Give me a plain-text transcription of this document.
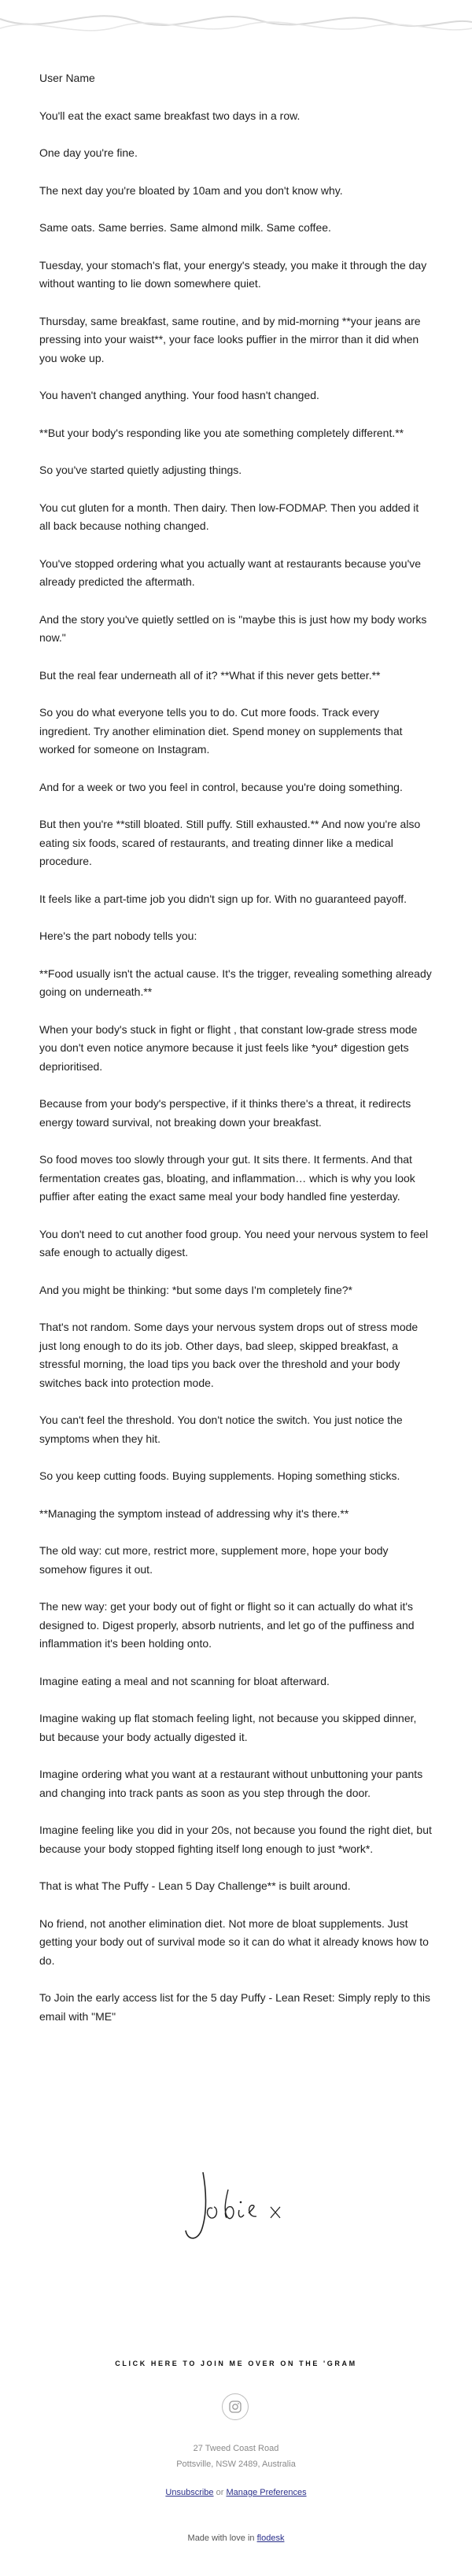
User Name

You'll eat the exact same breakfast two days in a row.

One day you're fine.

The next day you're bloated by 10am and you don't know why.

Same oats. Same berries. Same almond milk. Same coffee.

Tuesday, your stomach's flat, your energy's steady, you make it through the day without wanting to lie down somewhere quiet.

Thursday, same breakfast, same routine, and by mid-morning **your jeans are pressing into your waist**, your face looks puffier in the mirror than it did when you woke up.

You haven't changed anything. Your food hasn't changed.

**But your body's responding like you ate something completely different.**

So you've started quietly adjusting things.

You cut gluten for a month. Then dairy. Then low-FODMAP. Then you added it all back because nothing changed.

You've stopped ordering what you actually want at restaurants because you've already predicted the aftermath.

And the story you've quietly settled on is "maybe this is just how my body works now."

But the real fear underneath all of it? **What if this never gets better.**

So you do what everyone tells you to do. Cut more foods. Track every ingredient. Try another elimination diet. Spend money on supplements that worked for someone on Instagram.

And for a week or two you feel in control, because you're doing something.

But then you're **still bloated. Still puffy. Still exhausted.** And now you're also eating six foods, scared of restaurants, and treating dinner like a medical procedure.

It feels like a part-time job you didn't sign up for. With no guaranteed payoff.

Here's the part nobody tells you:

**Food usually isn't the actual cause. It's the trigger, revealing something already going on underneath.**

When your body's stuck in fight or flight , that constant low-grade stress mode you don't even notice anymore because it just feels like *you* digestion gets deprioritised.

Because from your body's perspective, if it thinks there's a threat, it redirects energy toward survival, not breaking down your breakfast.

So food moves too slowly through your gut. It sits there. It ferments. And that fermentation creates gas, bloating, and inflammation… which is why you look puffier after eating the exact same meal your body handled fine yesterday.

You don't need to cut another food group. You need your nervous system to feel safe enough to actually digest.

And you might be thinking: *but some days I'm completely fine?*

That's not random. Some days your nervous system drops out of stress mode just long enough to do its job. Other days, bad sleep, skipped breakfast, a stressful morning, the load tips you back over the threshold and your body switches back into protection mode.

You can't feel the threshold. You don't notice the switch. You just notice the symptoms when they hit.

So you keep cutting foods. Buying supplements. Hoping something sticks.

**Managing the symptom instead of addressing why it's there.**

The old way: cut more, restrict more, supplement more, hope your body somehow figures it out.

The new way: get your body out of fight or flight so it can actually do what it's designed to. Digest properly, absorb nutrients, and let go of the puffiness and inflammation it's been holding onto.

Imagine eating a meal and not scanning for bloat afterward.

Imagine waking up flat stomach feeling light, not because you skipped dinner, but because your body actually digested it.

Imagine ordering what you want at a restaurant without unbuttoning your pants and changing into track pants as soon as you step through the door.

Imagine feeling like you did in your 20s, not because you found the right diet, but because your body stopped fighting itself long enough to just *work*.

That is what The Puffy - Lean 5 Day Challenge** is built around.

No friend, not another elimination diet. Not more de bloat supplements. Just getting your body out of survival mode so it can do what it already knows how to do.

To Join the early access list for the 5 day Puffy - Lean Reset: Simply reply to this email with "ME"

CLICK HERE TO JOIN ME OVER ON THE 'GRAM
27 Tweed Coast Road
Pottsville, NSW 2489, Australia
Unsubscribe or Manage Preferences
Made with love in flodesk
